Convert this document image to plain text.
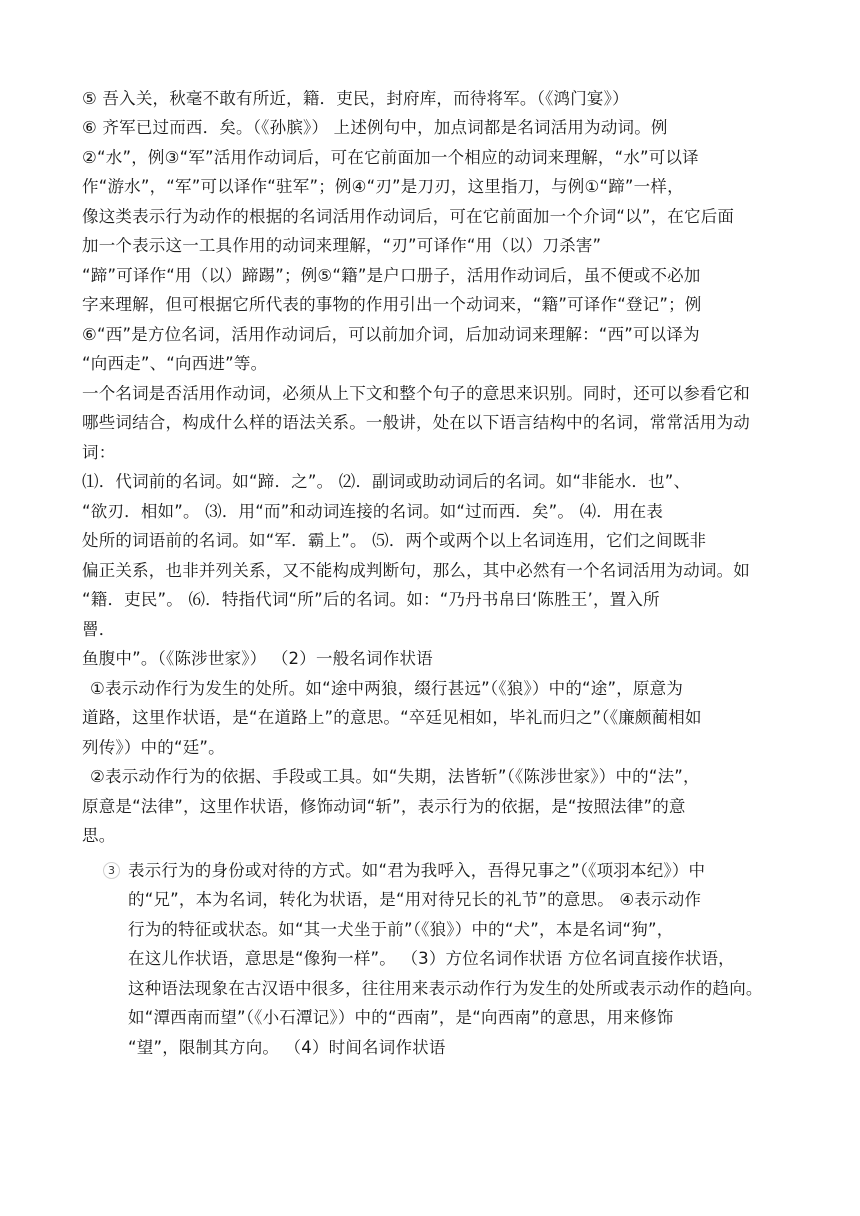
⑤ 吾入关，秋毫不敢有所近，籍．吏民，封府库，而待将军。（《鸿门宴》）
⑥ 齐军已过而西．矣。（《孙膑》） 上述例句中，加点词都是名词活用为动词。例
②“水”，例③“军”活用作动词后，可在它前面加一个相应的动词来理解，“水”可以译
作“游水”，“军”可以译作“驻军”；例④“刃”是刀刃，这里指刀，与例①“蹄”一样，
像这类表示行为动作的根据的名词活用作动词后，可在它前面加一个介词“以”，在它后面
加一个表示这一工具作用的动词来理解，“刃”可译作“用（以）刀杀害”
“蹄”可译作“用（以）蹄踢”；例⑤“籍”是户口册子，活用作动词后，虽不便或不必加
字来理解，但可根据它所代表的事物的作用引出一个动词来，“籍”可译作“登记”；例
⑥“西”是方位名词，活用作动词后，可以前加介词，后加动词来理解：“西”可以译为
“向西走”、“向西进”等。
一个名词是否活用作动词，必须从上下文和整个句子的意思来识别。同时，还可以参看它和
哪些词结合，构成什么样的语法关系。一般讲，处在以下语言结构中的名词，常常活用为动
词：
⑴．代词前的名词。如“蹄．之”。 ⑵．副词或助动词后的名词。如“非能水．也”、
“欲刃．相如”。 ⑶．用“而”和动词连接的名词。如“过而西．矣”。 ⑷．用在表
处所的词语前的名词。如“军．霸上”。 ⑸．两个或两个以上名词连用，它们之间既非
偏正关系，也非并列关系，又不能构成判断句，那么，其中必然有一个名词活用为动词。如
“籍．吏民”。 ⑹．特指代词“所”后的名词。如：“乃丹书帛曰‘陈胜王’，置入所
罾．
鱼腹中”。（《陈涉世家》） （2）一般名词作状语
①表示动作行为发生的处所。如“途中两狼，缀行甚远”（《狼》）中的“途”，原意为
道路，这里作状语，是“在道路上”的意思。“卒廷见相如，毕礼而归之”（《廉颇蔺相如
列传》）中的“廷”。
②表示动作行为的依据、手段或工具。如“失期，法皆斩”（《陈涉世家》）中的“法”，
原意是“法律”，这里作状语，修饰动词“斩”，表示行为的依据，是“按照法律”的意
思。
3 表示行为的身份或对待的方式。如“君为我呼入，吾得兄事之”（《项羽本纪》）中
的“兄”，本为名词，转化为状语，是“用对待兄长的礼节”的意思。 ④表示动作
行为的特征或状态。如“其一犬坐于前”（《狼》）中的“犬”，本是名词“狗”，
在这儿作状语，意思是“像狗一样”。 （3）方位名词作状语 方位名词直接作状语，
这种语法现象在古汉语中很多，往往用来表示动作行为发生的处所或表示动作的趋向。
如“潭西南而望”（《小石潭记》）中的“西南”，是“向西南”的意思，用来修饰
“望”，限制其方向。 （4）时间名词作状语
